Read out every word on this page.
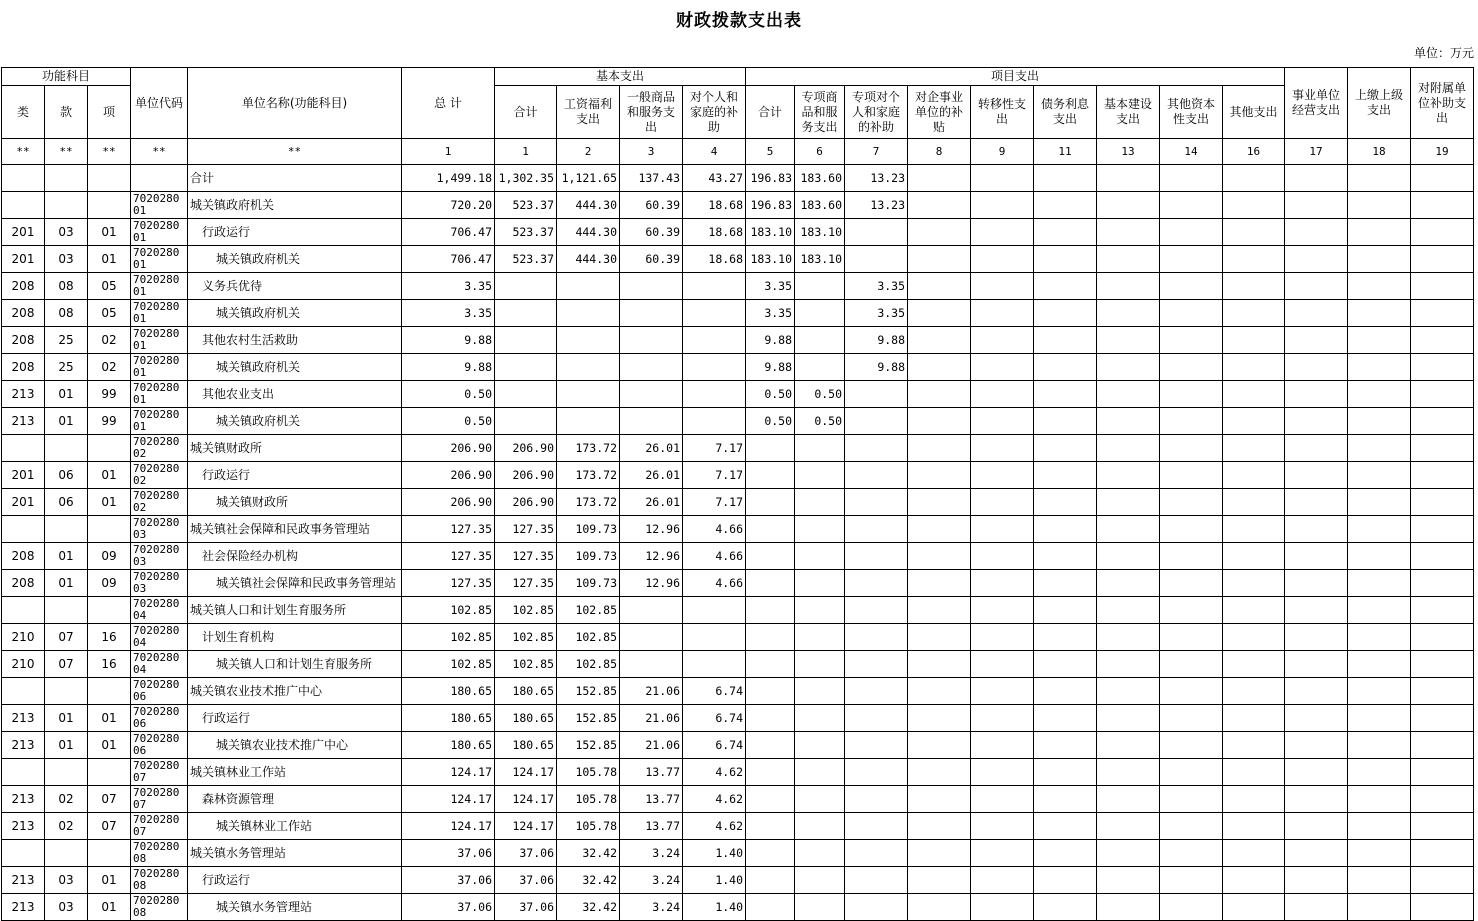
财政拨款支出表
单位：万元
功能科目			单位代码	单位名称(功能科目)	总 计	基本支出				项目支出									事业单位经营支出	上缴上级支出	对附属单位补助支出
类	款	项				合计	工资福利支出	一般商品和服务支出	对个人和家庭的补助	合计	专项商品和服务支出	专项对个人和家庭的补助	对企事业单位的补贴	转移性支出	债务利息支出	基本建设支出	其他资本性支出	其他支出			
**	**	**	**	**	1	1	2	3	4	5	6	7	8	9	11	13	14	16	17	18	19
				合计	1,499.18	1,302.35	1,121.65	137.43	43.27	196.83	183.60	13.23									
			702028001	城关镇政府机关	720.20	523.37	444.30	60.39	18.68	196.83	183.60	13.23									
201	03	01	702028001	行政运行	706.47	523.37	444.30	60.39	18.68	183.10	183.10										
201	03	01	702028001	城关镇政府机关	706.47	523.37	444.30	60.39	18.68	183.10	183.10										
208	08	05	702028001	义务兵优待	3.35					3.35		3.35									
208	08	05	702028001	城关镇政府机关	3.35					3.35		3.35									
208	25	02	702028001	其他农村生活救助	9.88					9.88		9.88									
208	25	02	702028001	城关镇政府机关	9.88					9.88		9.88									
213	01	99	702028001	其他农业支出	0.50					0.50	0.50										
213	01	99	702028001	城关镇政府机关	0.50					0.50	0.50										
			702028002	城关镇财政所	206.90	206.90	173.72	26.01	7.17												
201	06	01	702028002	行政运行	206.90	206.90	173.72	26.01	7.17												
201	06	01	702028002	城关镇财政所	206.90	206.90	173.72	26.01	7.17												
			702028003	城关镇社会保障和民政事务管理站	127.35	127.35	109.73	12.96	4.66												
208	01	09	702028003	社会保险经办机构	127.35	127.35	109.73	12.96	4.66												
208	01	09	702028003	城关镇社会保障和民政事务管理站	127.35	127.35	109.73	12.96	4.66												
			702028004	城关镇人口和计划生育服务所	102.85	102.85	102.85														
210	07	16	702028004	计划生育机构	102.85	102.85	102.85														
210	07	16	702028004	城关镇人口和计划生育服务所	102.85	102.85	102.85														
			702028006	城关镇农业技术推广中心	180.65	180.65	152.85	21.06	6.74												
213	01	01	702028006	行政运行	180.65	180.65	152.85	21.06	6.74												
213	01	01	702028006	城关镇农业技术推广中心	180.65	180.65	152.85	21.06	6.74												
			702028007	城关镇林业工作站	124.17	124.17	105.78	13.77	4.62												
213	02	07	702028007	森林资源管理	124.17	124.17	105.78	13.77	4.62												
213	02	07	702028007	城关镇林业工作站	124.17	124.17	105.78	13.77	4.62												
			702028008	城关镇水务管理站	37.06	37.06	32.42	3.24	1.40												
213	03	01	702028008	行政运行	37.06	37.06	32.42	3.24	1.40												
213	03	01	702028008	城关镇水务管理站	37.06	37.06	32.42	3.24	1.40												
